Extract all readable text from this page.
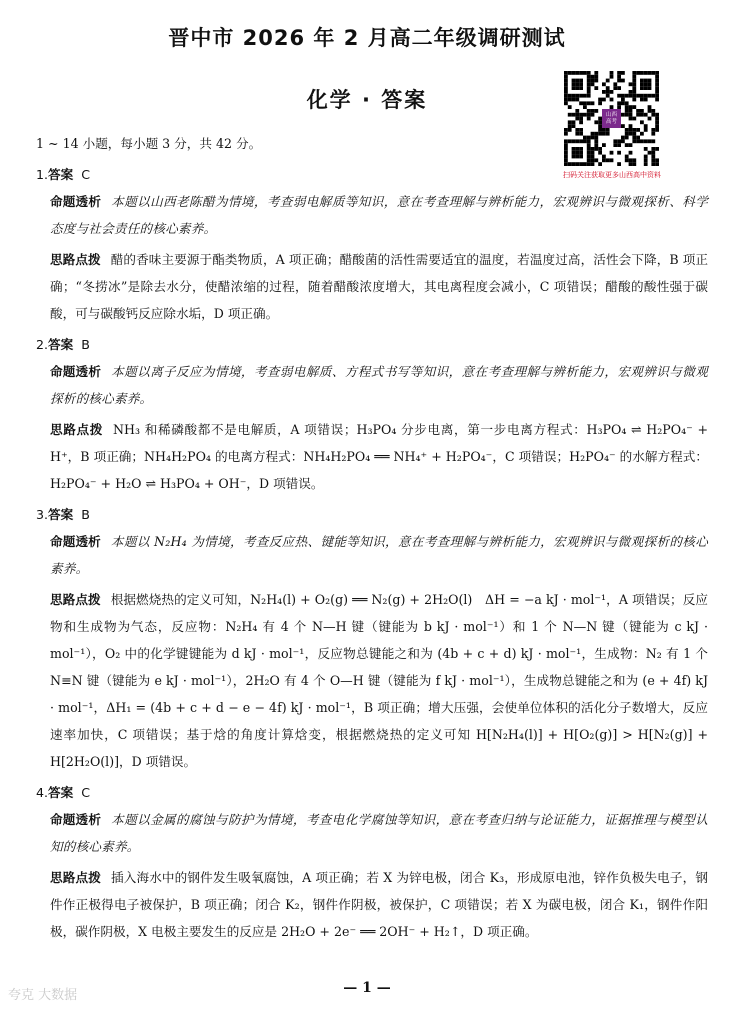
晋中市 2026 年 2 月高二年级调研测试
化学 · 答案
山西
高考
扫码关注获取更多山西高中资料

1 ~ 14 小题，每小题 3 分，共 42 分。

1.答案 C

命题透析 本题以山西老陈醋为情境，考查弱电解质等知识，意在考查理解与辨析能力，宏观辨识与微观探析、科学态度与社会责任的核心素养。

思路点拨 醋的香味主要源于酯类物质，A 项正确；醋酸菌的活性需要适宜的温度，若温度过高，活性会下降，B 项正确；“冬捞冰”是除去水分，使醋浓缩的过程，随着醋酸浓度增大，其电离程度会减小，C 项错误；醋酸的酸性强于碳酸，可与碳酸钙反应除水垢，D 项正确。

2.答案 B

命题透析 本题以离子反应为情境，考查弱电解质、方程式书写等知识，意在考查理解与辨析能力，宏观辨识与微观探析的核心素养。

思路点拨 NH₃ 和稀磷酸都不是电解质，A 项错误；H₃PO₄ 分步电离，第一步电离方程式：H₃PO₄ ⇌ H₂PO₄⁻ + H⁺，B 项正确；NH₄H₂PO₄ 的电离方程式：NH₄H₂PO₄ ══ NH₄⁺ + H₂PO₄⁻，C 项错误；H₂PO₄⁻ 的水解方程式：H₂PO₄⁻ + H₂O ⇌ H₃PO₄ + OH⁻，D 项错误。

3.答案 B

命题透析 本题以 N₂H₄ 为情境，考查反应热、键能等知识，意在考查理解与辨析能力，宏观辨识与微观探析的核心素养。

思路点拨 根据燃烧热的定义可知，N₂H₄(l) + O₂(g) ══ N₂(g) + 2H₂O(l)　ΔH = −a kJ · mol⁻¹，A 项错误；反应物和生成物为气态，反应物：N₂H₄ 有 4 个 N—H 键（键能为 b kJ · mol⁻¹）和 1 个 N—N 键（键能为 c kJ · mol⁻¹），O₂ 中的化学键键能为 d kJ · mol⁻¹，反应物总键能之和为 (4b + c + d) kJ · mol⁻¹，生成物：N₂ 有 1 个 N≡N 键（键能为 e kJ · mol⁻¹），2H₂O 有 4 个 O—H 键（键能为 f kJ · mol⁻¹），生成物总键能之和为 (e + 4f) kJ · mol⁻¹，ΔH₁ = (4b + c + d − e − 4f) kJ · mol⁻¹，B 项正确；增大压强，会使单位体积的活化分子数增大，反应速率加快，C 项错误；基于焓的角度计算焓变，根据燃烧热的定义可知 H[N₂H₄(l)] + H[O₂(g)] > H[N₂(g)] + H[2H₂O(l)]，D 项错误。

4.答案 C

命题透析 本题以金属的腐蚀与防护为情境，考查电化学腐蚀等知识，意在考查归纳与论证能力，证据推理与模型认知的核心素养。

思路点拨 插入海水中的钢件发生吸氧腐蚀，A 项正确；若 X 为锌电极，闭合 K₃，形成原电池，锌作负极失电子，钢件作正极得电子被保护，B 项正确；闭合 K₂，钢件作阴极，被保护，C 项错误；若 X 为碳电极，闭合 K₁，钢件作阳极，碳作阴极，X 电极主要发生的反应是 2H₂O + 2e⁻ ══ 2OH⁻ + H₂↑，D 项正确。

— 1 —
夸克 大数据
